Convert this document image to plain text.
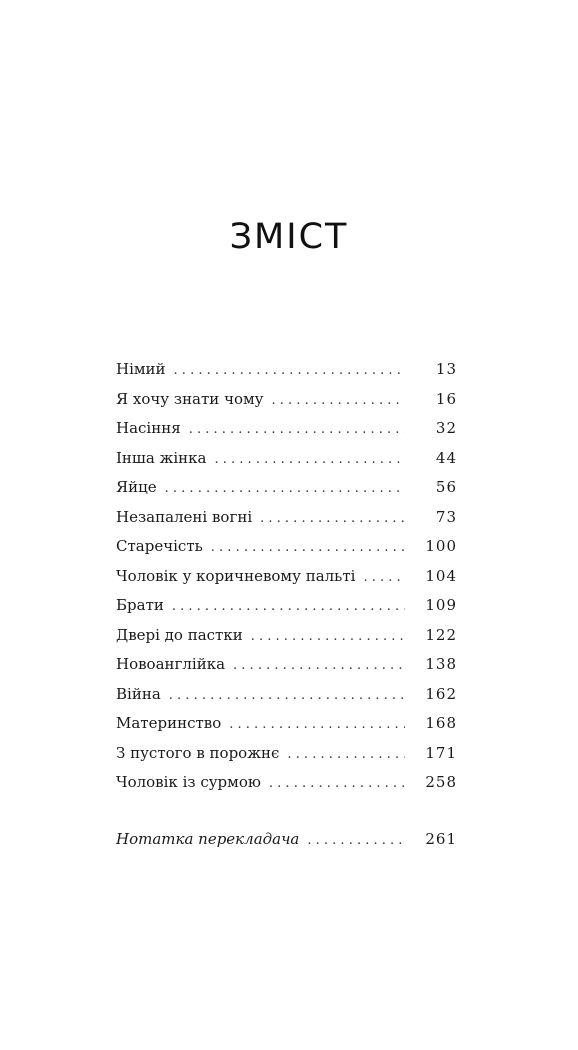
ЗМІСТ
Німий . . .	13
Я хочу знати чому . . .	16
Насіння . . .	32
Інша жінка . . .	44
Яйце . . .	56
Незапалені вогні . . .	73
Старечість . . .	100
Чоловік у коричневому пальті . . .	104
Брати . . .	109
Двері до пастки . . .	122
Новоанглійка . . .	138
Війна . . .	162
Материнство . . .	168
З пустого в порожнє . . .	171
Чоловік із сурмою . . .	258
Нотатка перекладача . . .	261
